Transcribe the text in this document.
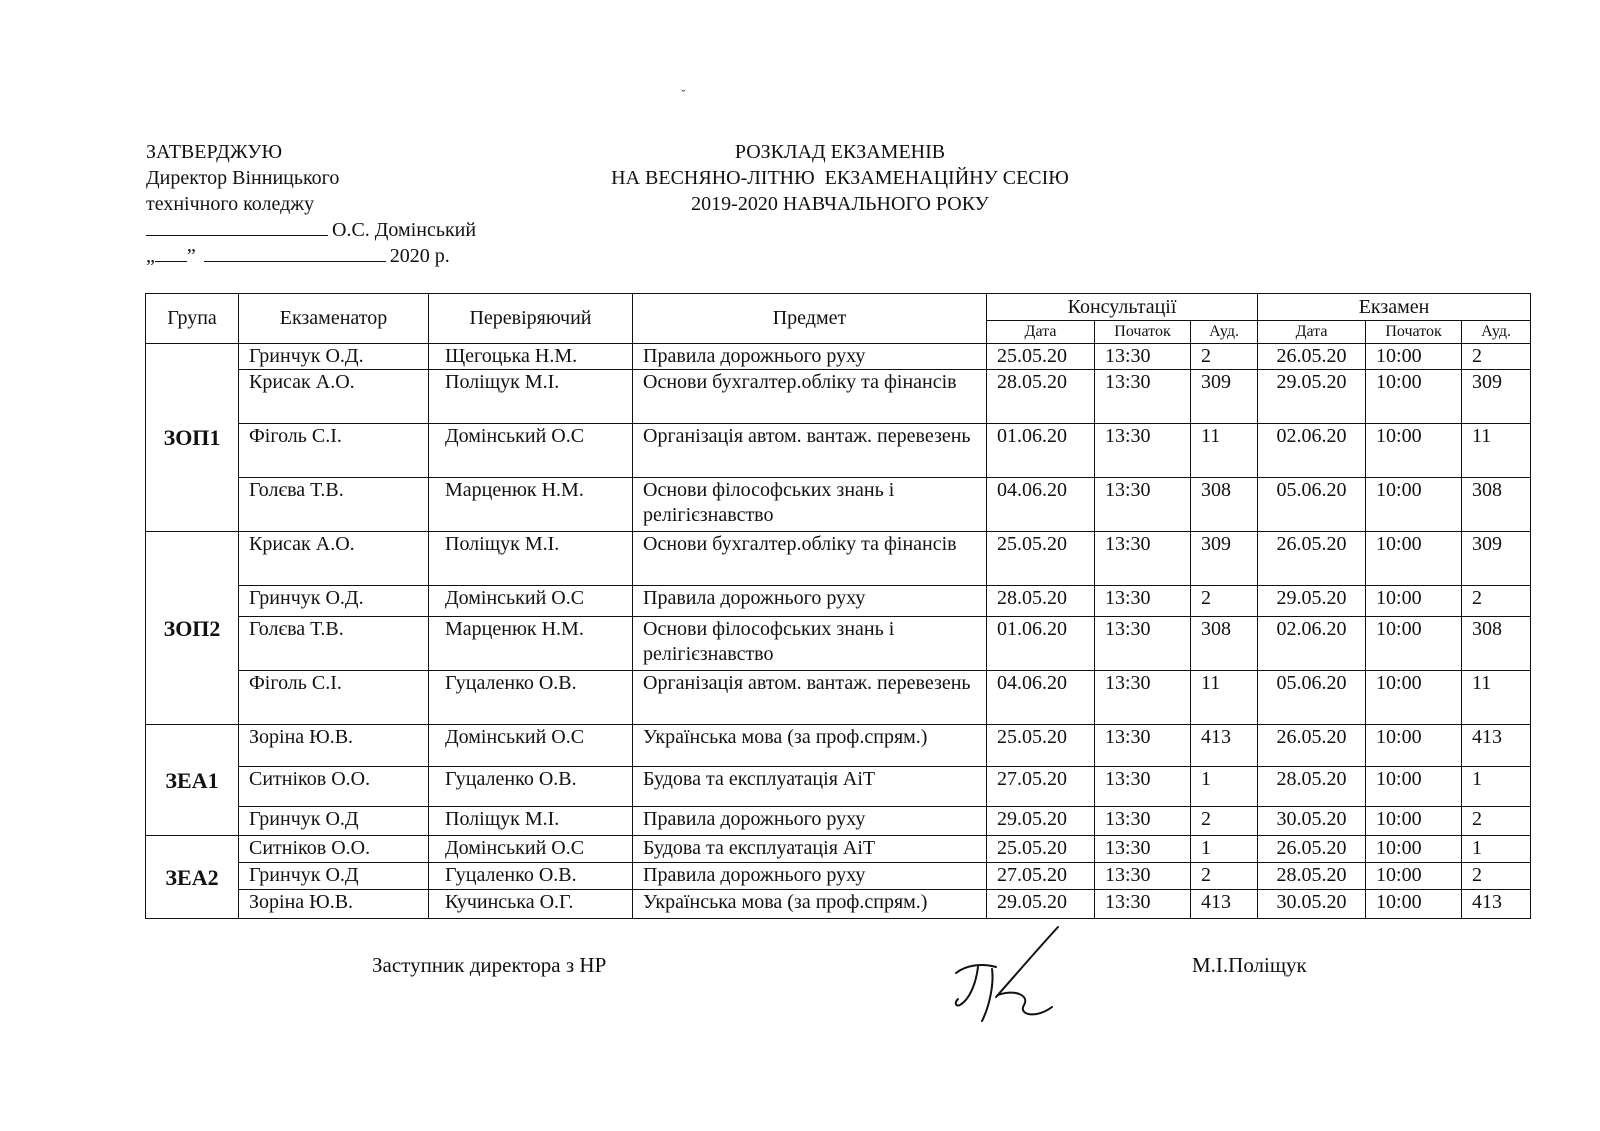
ˇ
ЗАТВЕРДЖУЮ
Директор Вінницького
технічного коледжу
О.С. Домінський
„ ”	2020 р.
РОЗКЛАД ЕКЗАМЕНІВ
НА ВЕСНЯНО-ЛІТНЮ  ЕКЗАМЕНАЦІЙНУ СЕСІЮ
2019-2020 НАВЧАЛЬНОГО РОКУ
Група	Екзаменатор	Перевіряючий	Предмет	Консультації			Екзамен		
				Дата	Початок	Ауд.	Дата	Початок	Ауд.
ЗОП1	Гринчук О.Д.	Щегоцька Н.М.	Правила дорожнього руху	25.05.20	13:30	2	26.05.20	10:00	2
	Крисак А.О.	Поліщук М.І.	Основи бухгалтер.обліку та фінансів	28.05.20	13:30	309	29.05.20	10:00	309
	Фіголь С.І.	Домінський О.С	Організація автом. вантаж. перевезень	01.06.20	13:30	11	02.06.20	10:00	11
	Голєва Т.В.	Марценюк Н.М.	Основи філософських знань і релігієзнавство	04.06.20	13:30	308	05.06.20	10:00	308
ЗОП2	Крисак А.О.	Поліщук М.І.	Основи бухгалтер.обліку та фінансів	25.05.20	13:30	309	26.05.20	10:00	309
	Гринчук О.Д.	Домінський О.С	Правила дорожнього руху	28.05.20	13:30	2	29.05.20	10:00	2
	Голєва Т.В.	Марценюк Н.М.	Основи філософських знань і релігієзнавство	01.06.20	13:30	308	02.06.20	10:00	308
	Фіголь С.І.	Гуцаленко О.В.	Організація автом. вантаж. перевезень	04.06.20	13:30	11	05.06.20	10:00	11
ЗЕА1	Зоріна Ю.В.	Домінський О.С	Українська мова (за проф.спрям.)	25.05.20	13:30	413	26.05.20	10:00	413
	Ситніков О.О.	Гуцаленко О.В.	Будова та експлуатація АіТ	27.05.20	13:30	1	28.05.20	10:00	1
	Гринчук О.Д	Поліщук М.І.	Правила дорожнього руху	29.05.20	13:30	2	30.05.20	10:00	2
ЗЕА2	Ситніков О.О.	Домінський О.С	Будова та експлуатація АіТ	25.05.20	13:30	1	26.05.20	10:00	1
	Гринчук О.Д	Гуцаленко О.В.	Правила дорожнього руху	27.05.20	13:30	2	28.05.20	10:00	2
	Зоріна Ю.В.	Кучинська О.Г.	Українська мова (за проф.спрям.)	29.05.20	13:30	413	30.05.20	10:00	413
Заступник директора з НР	М.І.Поліщук
